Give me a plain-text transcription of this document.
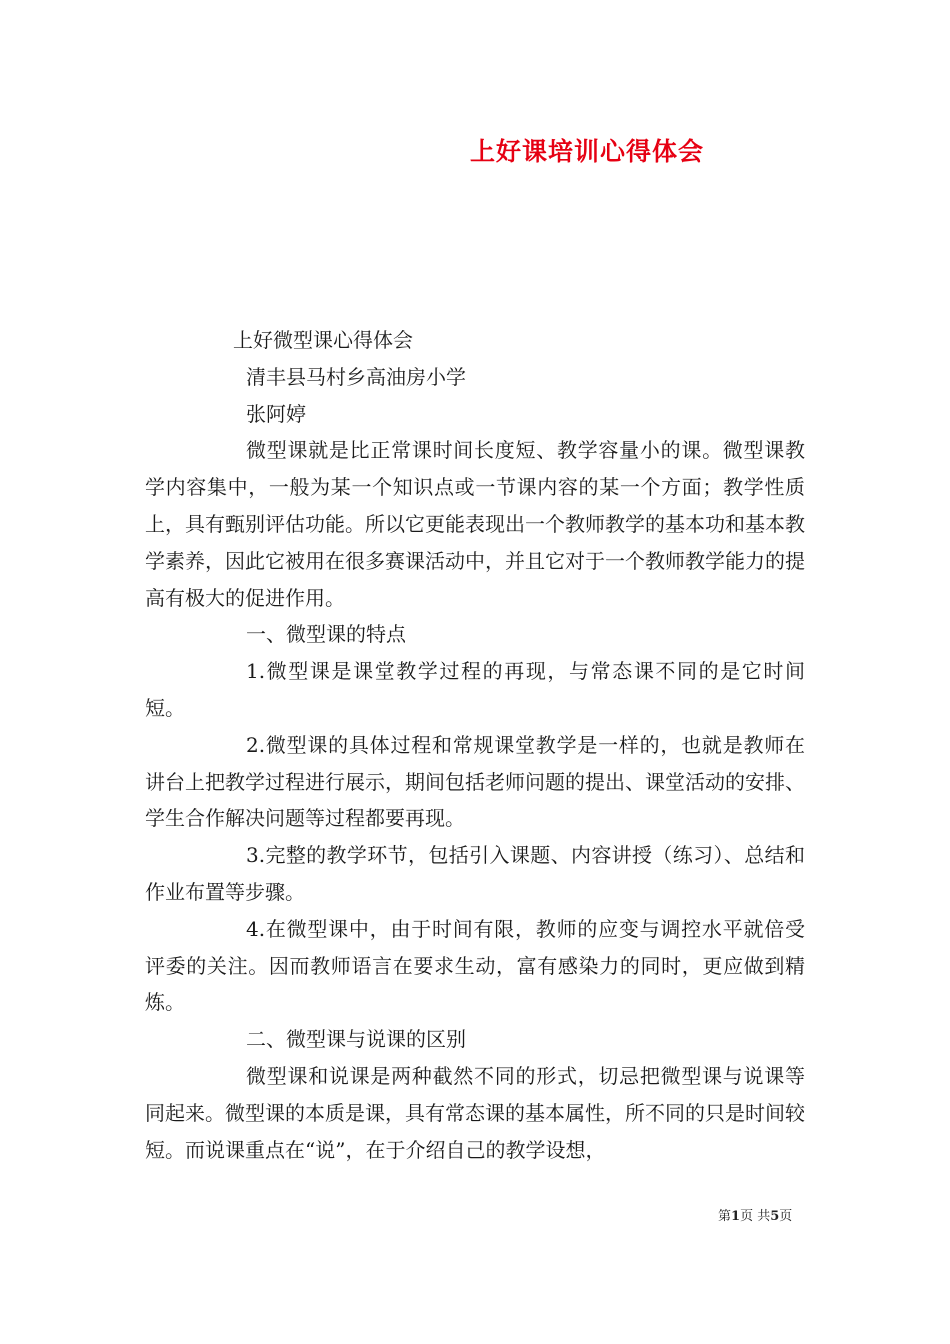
上好课培训心得体会

上好微型课心得体会

清丰县马村乡高油房小学

张阿婷

微型课就是比正常课时间长度短、教学容量小的课。微型课教学内容集中，一般为某一个知识点或一节课内容的某一个方面；教学性质上，具有甄别评估功能。所以它更能表现出一个教师教学的基本功和基本教学素养，因此它被用在很多赛课活动中，并且它对于一个教师教学能力的提高有极大的促进作用。

一、微型课的特点

1.微型课是课堂教学过程的再现，与常态课不同的是它时间短。

2.微型课的具体过程和常规课堂教学是一样的，也就是教师在讲台上把教学过程进行展示，期间包括老师问题的提出、课堂活动的安排、学生合作解决问题等过程都要再现。

3.完整的教学环节，包括引入课题、内容讲授（练习）、总结和作业布置等步骤。

4.在微型课中，由于时间有限，教师的应变与调控水平就倍受评委的关注。因而教师语言在要求生动，富有感染力的同时，更应做到精炼。

二、微型课与说课的区别

微型课和说课是两种截然不同的形式，切忌把微型课与说课等同起来。微型课的本质是课，具有常态课的基本属性，所不同的只是时间较短。而说课重点在“说”，在于介绍自己的教学设想，

第1页 共5页
